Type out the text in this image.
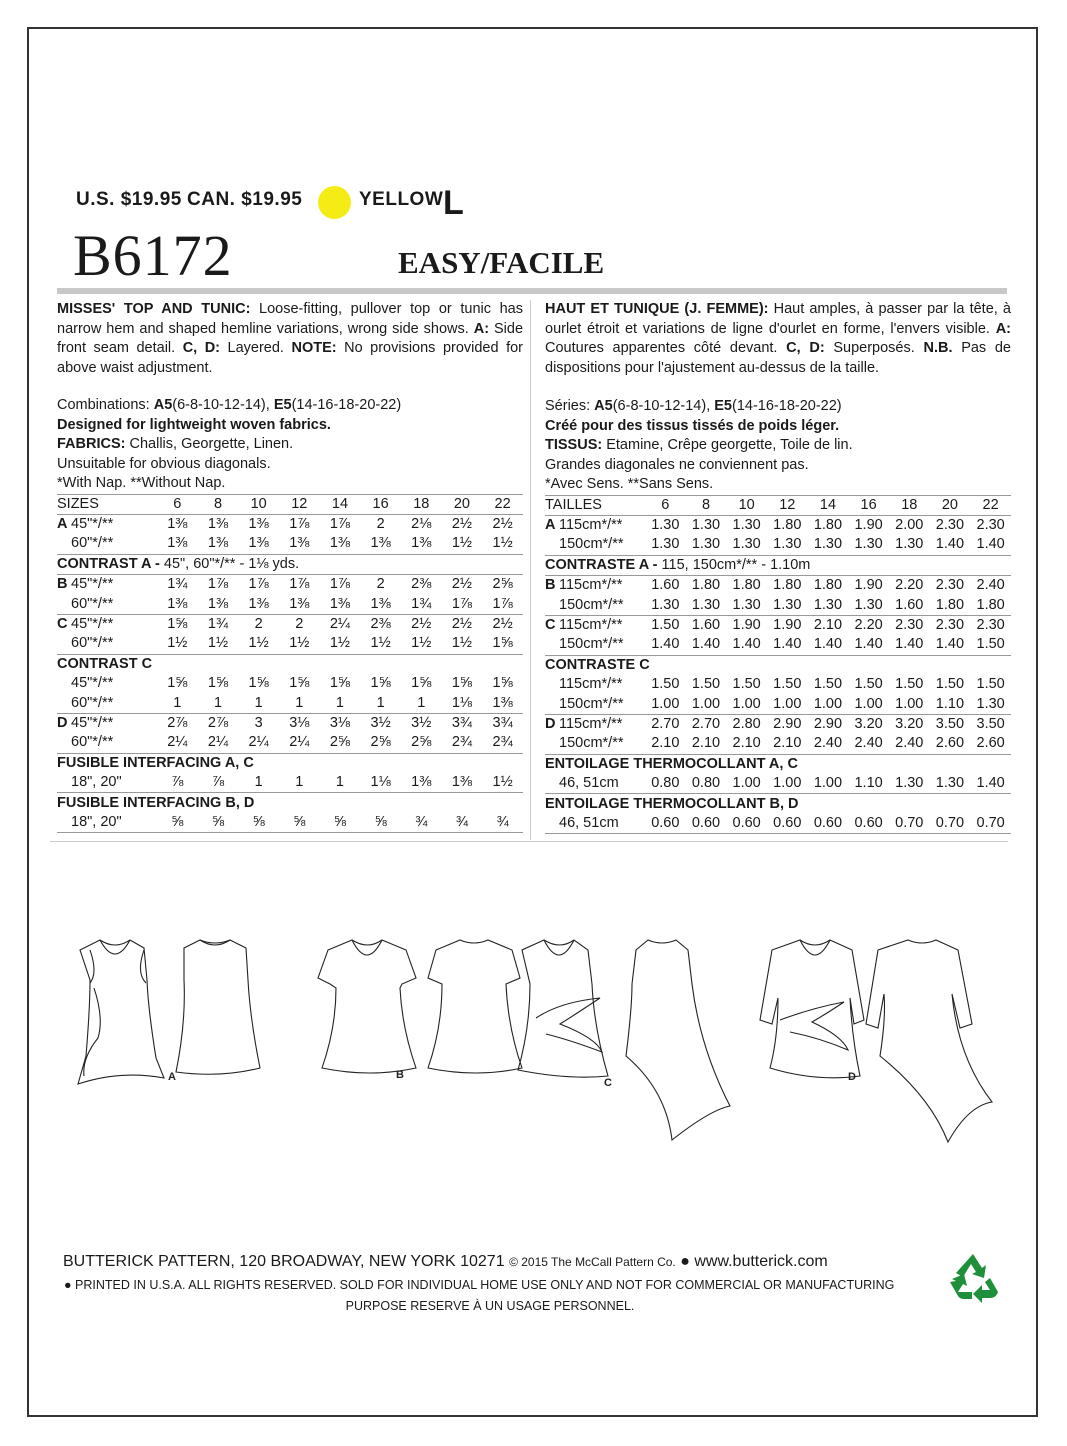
U.S. $19.95 CAN. $19.95	YELLOW L
B6172	EASY/FACILE

MISSES' TOP AND TUNIC: Loose-fitting, pullover top or tunic has narrow hem and shaped hemline variations, wrong side shows. A: Side front seam detail. C, D: Layered. NOTE: No provisions provided for above waist adjustment.

Combinations: A5(6-8-10-12-14), E5(14-16-18-20-22)

Designed for lightweight woven fabrics.

FABRICS: Challis, Georgette, Linen.

Unsuitable for obvious diagonals.

*With Nap. **Without Nap.

SIZES		6	8	10	12	14	16	18	20	22
A	45"*/**	1⅜	1⅜	1⅜	1⅞	1⅞	2	2⅛	2½	2½
	60"*/**	1⅜	1⅜	1⅜	1⅜	1⅜	1⅜	1⅜	1½	1½
CONTRAST A - 45", 60"*/** - 1⅛ yds.										
B	45"*/**	1¾	1⅞	1⅞	1⅞	1⅞	2	2⅜	2½	2⅝
	60"*/**	1⅜	1⅜	1⅜	1⅜	1⅜	1⅜	1¾	1⅞	1⅞
C	45"*/**	1⅝	1¾	2	2	2¼	2⅜	2½	2½	2½
	60"*/**	1½	1½	1½	1½	1½	1½	1½	1½	1⅝
CONTRAST C										
	45"*/**	1⅝	1⅝	1⅝	1⅝	1⅝	1⅝	1⅝	1⅝	1⅝
	60"*/**	1	1	1	1	1	1	1	1⅛	1⅜
D	45"*/**	2⅞	2⅞	3	3⅛	3⅛	3½	3½	3¾	3¾
	60"*/**	2¼	2¼	2¼	2¼	2⅝	2⅝	2⅝	2¾	2¾
FUSIBLE INTERFACING A, C										
	18", 20"	⅞	⅞	1	1	1	1⅛	1⅜	1⅜	1½
FUSIBLE INTERFACING B, D										
	18", 20"	⅝	⅝	⅝	⅝	⅝	⅝	¾	¾	¾

HAUT ET TUNIQUE (J. FEMME): Haut amples, à passer par la tête, à ourlet étroit et variations de ligne d'ourlet en forme, l'envers visible. A: Coutures apparentes côté devant. C, D: Superposés. N.B. Pas de dispositions pour l'ajustement au-dessus de la taille.

Séries: A5(6-8-10-12-14), E5(14-16-18-20-22)

Créé pour des tissus tissés de poids léger.

TISSUS: Etamine, Crêpe georgette, Toile de lin.

Grandes diagonales ne conviennent pas.

*Avec Sens. **Sans Sens.

TAILLES		6	8	10	12	14	16	18	20	22
A	115cm*/**	1.30	1.30	1.30	1.80	1.80	1.90	2.00	2.30	2.30
	150cm*/**	1.30	1.30	1.30	1.30	1.30	1.30	1.30	1.40	1.40
CONTRASTE A - 115, 150cm*/** - 1.10m										
B	115cm*/**	1.60	1.80	1.80	1.80	1.80	1.90	2.20	2.30	2.40
	150cm*/**	1.30	1.30	1.30	1.30	1.30	1.30	1.60	1.80	1.80
C	115cm*/**	1.50	1.60	1.90	1.90	2.10	2.20	2.30	2.30	2.30
	150cm*/**	1.40	1.40	1.40	1.40	1.40	1.40	1.40	1.40	1.50
CONTRASTE C										
	115cm*/**	1.50	1.50	1.50	1.50	1.50	1.50	1.50	1.50	1.50
	150cm*/**	1.00	1.00	1.00	1.00	1.00	1.00	1.00	1.10	1.30
D	115cm*/**	2.70	2.70	2.80	2.90	2.90	3.20	3.20	3.50	3.50
	150cm*/**	2.10	2.10	2.10	2.10	2.40	2.40	2.40	2.60	2.60
ENTOILAGE THERMOCOLLANT A, C										
	46, 51cm	0.80	0.80	1.00	1.00	1.00	1.10	1.30	1.30	1.40
ENTOILAGE THERMOCOLLANT B, D										
	46, 51cm	0.60	0.60	0.60	0.60	0.60	0.60	0.70	0.70	0.70

A	B
C	D
BUTTERICK PATTERN, 120 BROADWAY, NEW YORK 10271 © 2015 The McCall Pattern Co. ● www.butterick.com
● PRINTED IN U.S.A. ALL RIGHTS RESERVED. SOLD FOR INDIVIDUAL HOME USE ONLY AND NOT FOR COMMERCIAL OR MANUFACTURING
PURPOSE RESERVE À UN USAGE PERSONNEL.
